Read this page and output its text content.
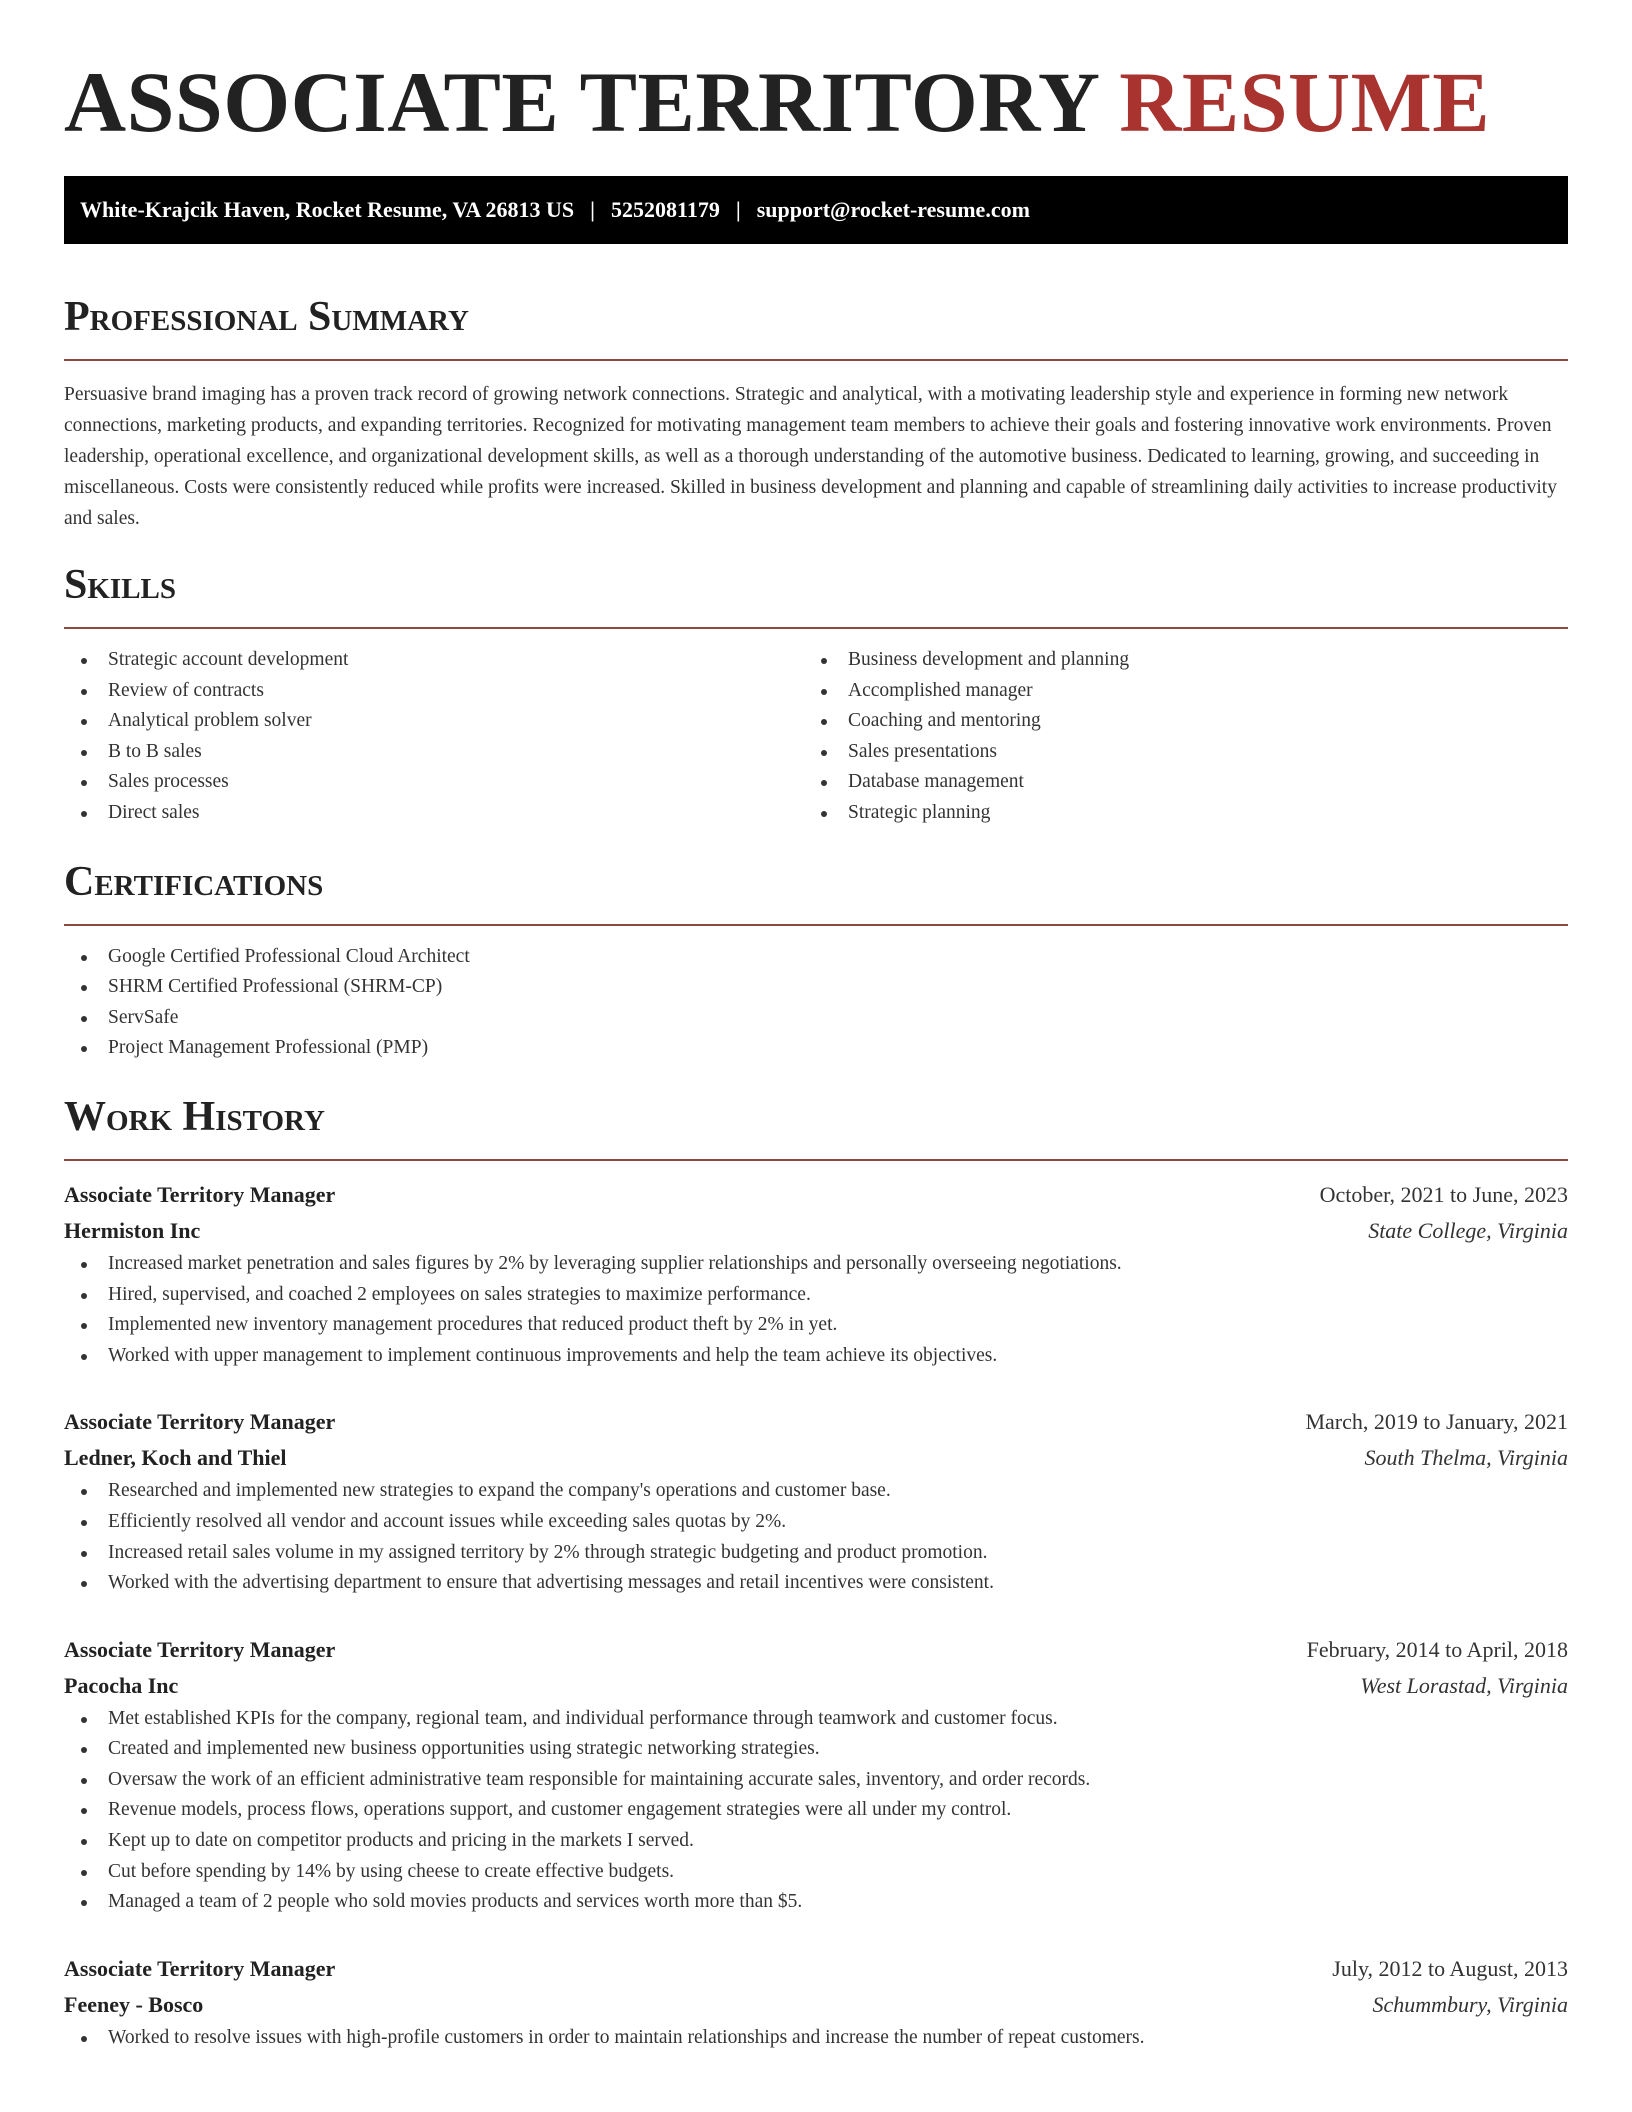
ASSOCIATE TERRITORY RESUME
White-Krajcik Haven, Rocket Resume, VA 26813 US | 5252081179 | support@rocket-resume.com
Professional Summary

Persuasive brand imaging has a proven track record of growing network connections. Strategic and analytical, with a motivating leadership style and experience in forming new network connections, marketing products, and expanding territories. Recognized for motivating management team members to achieve their goals and fostering innovative work environments. Proven leadership, operational excellence, and organizational development skills, as well as a thorough understanding of the automotive business. Dedicated to learning, growing, and succeeding in miscellaneous. Costs were consistently reduced while profits were increased. Skilled in business development and planning and capable of streamlining daily activities to increase productivity and sales.

Skills
Strategic account development
Review of contracts
Analytical problem solver
B to B sales
Sales processes
Direct sales
Business development and planning
Accomplished manager
Coaching and mentoring
Sales presentations
Database management
Strategic planning
Certifications
Google Certified Professional Cloud Architect
SHRM Certified Professional (SHRM-CP)
ServSafe
Project Management Professional (PMP)
Work History
Associate Territory Manager	October, 2021 to June, 2023
Hermiston Inc	State College, Virginia
Increased market penetration and sales figures by 2% by leveraging supplier relationships and personally overseeing negotiations.
Hired, supervised, and coached 2 employees on sales strategies to maximize performance.
Implemented new inventory management procedures that reduced product theft by 2% in yet.
Worked with upper management to implement continuous improvements and help the team achieve its objectives.
Associate Territory Manager	March, 2019 to January, 2021
Ledner, Koch and Thiel	South Thelma, Virginia
Researched and implemented new strategies to expand the company's operations and customer base.
Efficiently resolved all vendor and account issues while exceeding sales quotas by 2%.
Increased retail sales volume in my assigned territory by 2% through strategic budgeting and product promotion.
Worked with the advertising department to ensure that advertising messages and retail incentives were consistent.
Associate Territory Manager	February, 2014 to April, 2018
Pacocha Inc	West Lorastad, Virginia
Met established KPIs for the company, regional team, and individual performance through teamwork and customer focus.
Created and implemented new business opportunities using strategic networking strategies.
Oversaw the work of an efficient administrative team responsible for maintaining accurate sales, inventory, and order records.
Revenue models, process flows, operations support, and customer engagement strategies were all under my control.
Kept up to date on competitor products and pricing in the markets I served.
Cut before spending by 14% by using cheese to create effective budgets.
Managed a team of 2 people who sold movies products and services worth more than $5.
Associate Territory Manager	July, 2012 to August, 2013
Feeney - Bosco	Schummbury, Virginia
Worked to resolve issues with high-profile customers in order to maintain relationships and increase the number of repeat customers.
